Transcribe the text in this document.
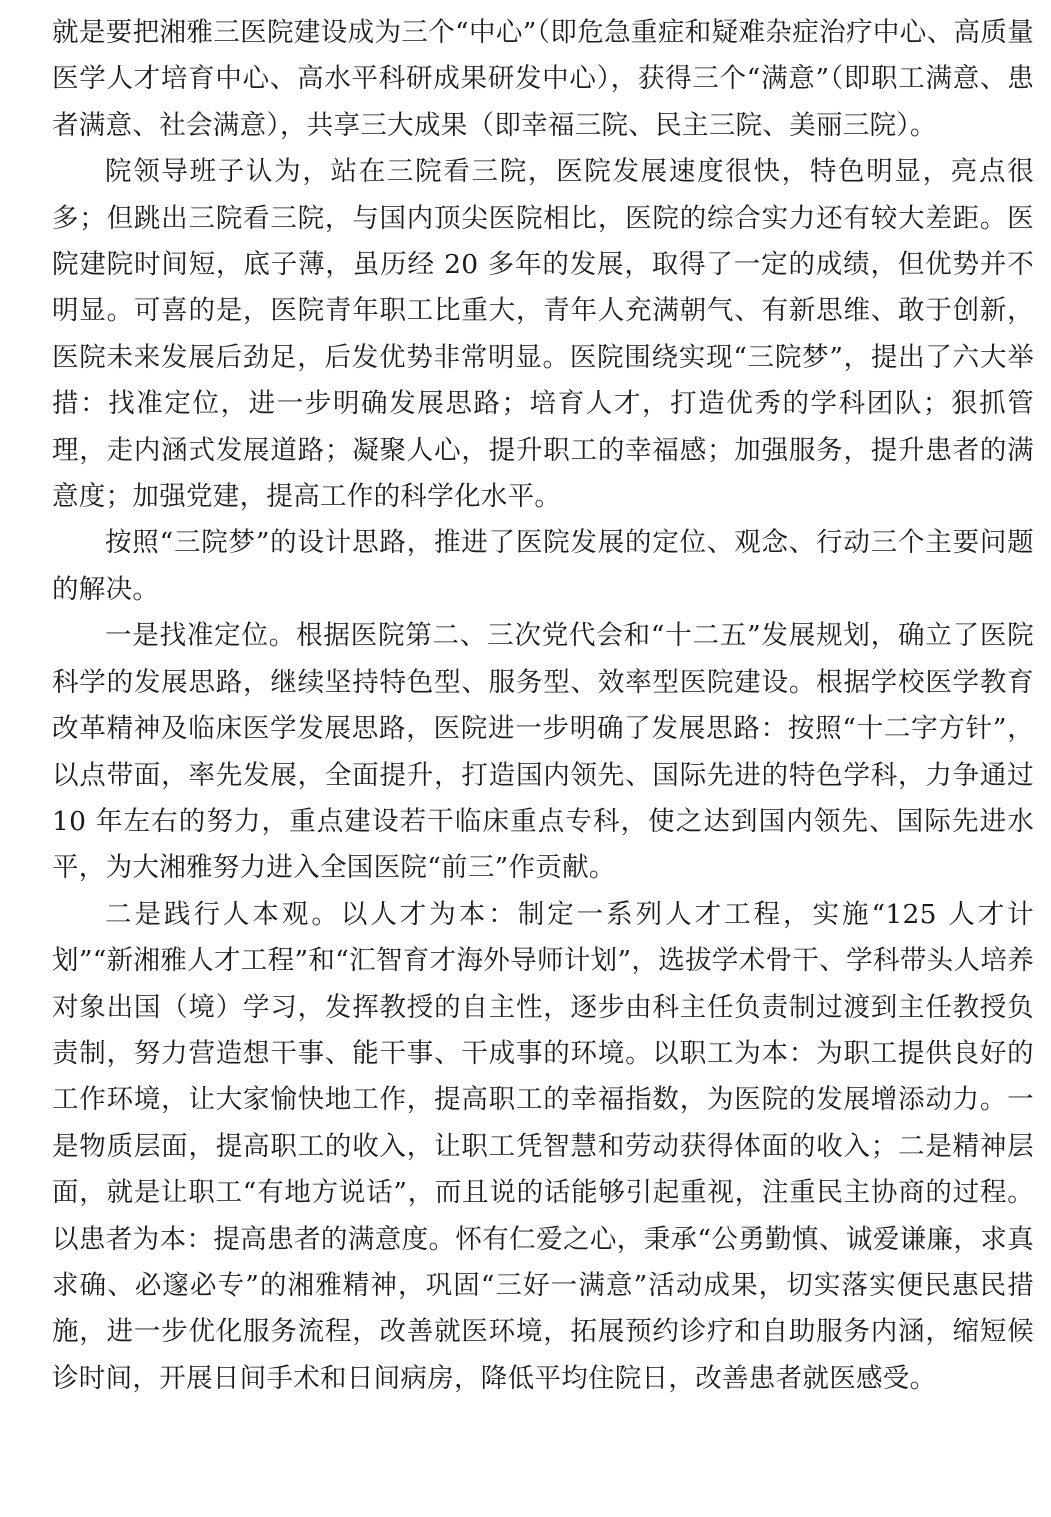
就是要把湘雅三医院建设成为三个“中心”（即危急重症和疑难杂症治疗中心、高质量医学人才培育中心、高水平科研成果研发中心），获得三个“满意”（即职工满意、患者满意、社会满意），共享三大成果（即幸福三院、民主三院、美丽三院）。

院领导班子认为，站在三院看三院，医院发展速度很快，特色明显，亮点很多；但跳出三院看三院，与国内顶尖医院相比，医院的综合实力还有较大差距。医院建院时间短，底子薄，虽历经 20 多年的发展，取得了一定的成绩，但优势并不明显。可喜的是，医院青年职工比重大，青年人充满朝气、有新思维、敢于创新，医院未来发展后劲足，后发优势非常明显。医院围绕实现“三院梦”，提出了六大举措：找准定位，进一步明确发展思路；培育人才，打造优秀的学科团队；狠抓管理，走内涵式发展道路；凝聚人心，提升职工的幸福感；加强服务，提升患者的满意度；加强党建，提高工作的科学化水平。

按照“三院梦”的设计思路，推进了医院发展的定位、观念、行动三个主要问题的解决。

一是找准定位。根据医院第二、三次党代会和“十二五”发展规划，确立了医院科学的发展思路，继续坚持特色型、服务型、效率型医院建设。根据学校医学教育改革精神及临床医学发展思路，医院进一步明确了发展思路：按照“十二字方针”，以点带面，率先发展，全面提升，打造国内领先、国际先进的特色学科，力争通过 10 年左右的努力，重点建设若干临床重点专科，使之达到国内领先、国际先进水平，为大湘雅努力进入全国医院“前三”作贡献。

二是践行人本观。以人才为本：制定一系列人才工程，实施“125 人才计划”“新湘雅人才工程”和“汇智育才海外导师计划”，选拔学术骨干、学科带头人培养对象出国（境）学习，发挥教授的自主性，逐步由科主任负责制过渡到主任教授负责制，努力营造想干事、能干事、干成事的环境。以职工为本：为职工提供良好的工作环境，让大家愉快地工作，提高职工的幸福指数，为医院的发展增添动力。一是物质层面，提高职工的收入，让职工凭智慧和劳动获得体面的收入；二是精神层面，就是让职工“有地方说话”，而且说的话能够引起重视，注重民主协商的过程。以患者为本：提高患者的满意度。怀有仁爱之心，秉承“公勇勤慎、诚爱谦廉，求真求确、必邃必专”的湘雅精神，巩固“三好一满意”活动成果，切实落实便民惠民措施，进一步优化服务流程，改善就医环境，拓展预约诊疗和自助服务内涵，缩短候诊时间，开展日间手术和日间病房，降低平均住院日，改善患者就医感受。
